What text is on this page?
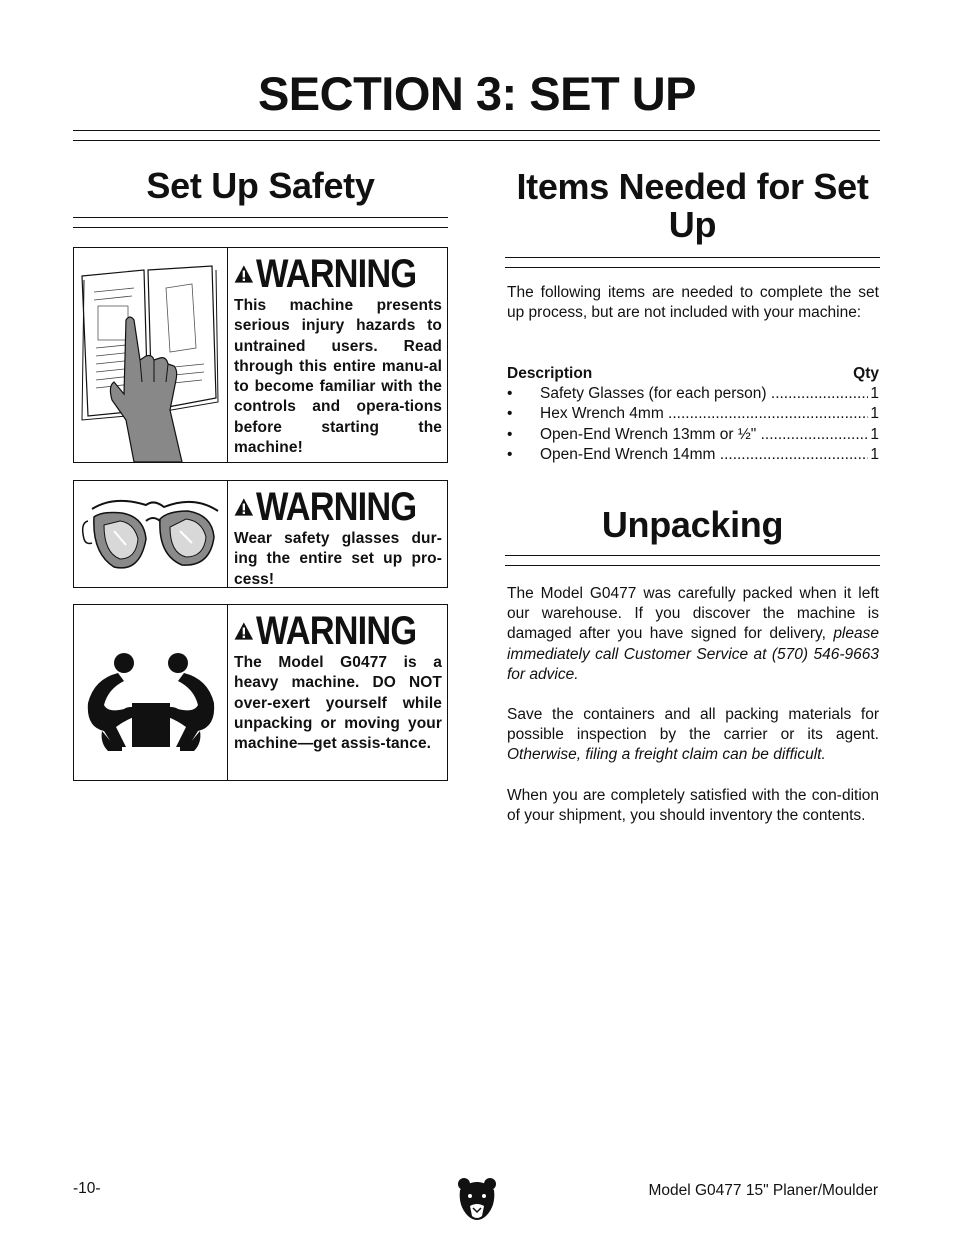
SECTION 3: SET UP
Set Up Safety
WARNING
This machine presents serious injury hazards to untrained users. Read through this entire manu-al to become familiar with the controls and opera-tions before starting the machine!
WARNING
Wear safety glasses dur-ing the entire set up pro-cess!
WARNING
The Model G0477 is a heavy machine. DO NOT over-exert yourself while unpacking or moving your machine—get assis-tance.
Items Needed for Set Up
The following items are needed to complete the set up process, but are not included with your machine:
Description	Qty
•	Safety Glasses (for each person) .....	1
•	Hex Wrench 4mm .....	1
•	Open-End Wrench 13mm or ½" .....	1
•	Open-End Wrench 14mm .....	1
Unpacking
The Model G0477 was carefully packed when it left our warehouse. If you discover the machine is damaged after you have signed for delivery, please immediately call Customer Service at (570) 546-9663 for advice.
Save the containers and all packing materials for possible inspection by the carrier or its agent. Otherwise, filing a freight claim can be difficult.
When you are completely satisfied with the con-dition of your shipment, you should inventory the contents.
-10-	Model G0477 15" Planer/Moulder
